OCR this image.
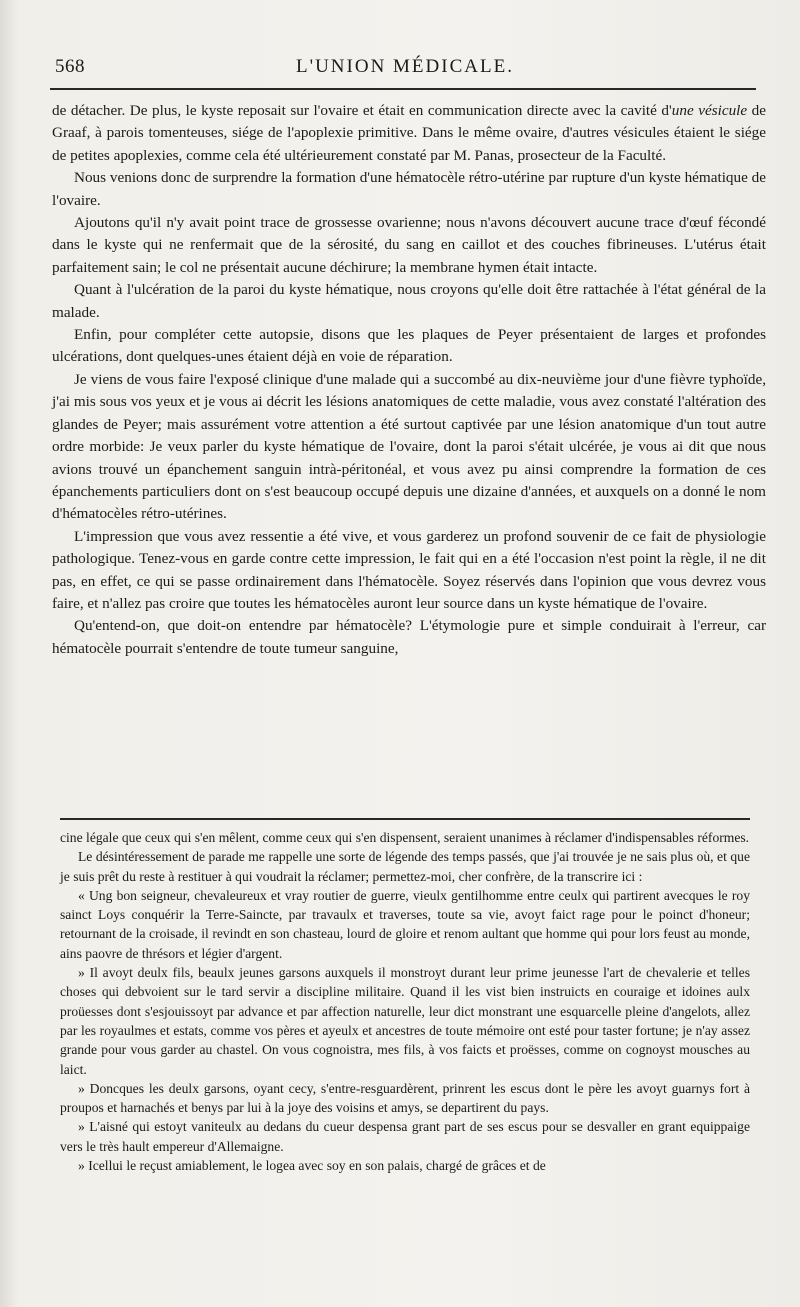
568	L'UNION MÉDICALE.

de détacher. De plus, le kyste reposait sur l'ovaire et était en communication directe avec la cavité d'une vésicule de Graaf, à parois tomenteuses, siége de l'apoplexie primitive. Dans le même ovaire, d'autres vésicules étaient le siége de petites apoplexies, comme cela été ultérieurement constaté par M. Panas, prosecteur de la Faculté.

Nous venions donc de surprendre la formation d'une hématocèle rétro-utérine par rupture d'un kyste hématique de l'ovaire.

Ajoutons qu'il n'y avait point trace de grossesse ovarienne; nous n'avons découvert aucune trace d'œuf fécondé dans le kyste qui ne renfermait que de la sérosité, du sang en caillot et des couches fibrineuses. L'utérus était parfaitement sain; le col ne présentait aucune déchirure; la membrane hymen était intacte.

Quant à l'ulcération de la paroi du kyste hématique, nous croyons qu'elle doit être rattachée à l'état général de la malade.

Enfin, pour compléter cette autopsie, disons que les plaques de Peyer présentaient de larges et profondes ulcérations, dont quelques-unes étaient déjà en voie de réparation.

Je viens de vous faire l'exposé clinique d'une malade qui a succombé au dix-neuvième jour d'une fièvre typhoïde, j'ai mis sous vos yeux et je vous ai décrit les lésions anatomiques de cette maladie, vous avez constaté l'altération des glandes de Peyer; mais assurément votre attention a été surtout captivée par une lésion anatomique d'un tout autre ordre morbide: Je veux parler du kyste hématique de l'ovaire, dont la paroi s'était ulcérée, je vous ai dit que nous avions trouvé un épanchement sanguin intrà-péritonéal, et vous avez pu ainsi comprendre la formation de ces épanchements particuliers dont on s'est beaucoup occupé depuis une dizaine d'années, et auxquels on a donné le nom d'hématocèles rétro-utérines.

L'impression que vous avez ressentie a été vive, et vous garderez un profond souvenir de ce fait de physiologie pathologique. Tenez-vous en garde contre cette impression, le fait qui en a été l'occasion n'est point la règle, il ne dit pas, en effet, ce qui se passe ordinairement dans l'hématocèle. Soyez réservés dans l'opinion que vous devrez vous faire, et n'allez pas croire que toutes les hématocèles auront leur source dans un kyste hématique de l'ovaire.

Qu'entend-on, que doit-on entendre par hématocèle? L'étymologie pure et simple conduirait à l'erreur, car hématocèle pourrait s'entendre de toute tumeur sanguine,

cine légale que ceux qui s'en mêlent, comme ceux qui s'en dispensent, seraient unanimes à réclamer d'indispensables réformes.

Le désintéressement de parade me rappelle une sorte de légende des temps passés, que j'ai trouvée je ne sais plus où, et que je suis prêt du reste à restituer à qui voudrait la réclamer; permettez-moi, cher confrère, de la transcrire ici :

« Ung bon seigneur, chevaleureux et vray routier de guerre, vieulx gentilhomme entre ceulx qui partirent avecques le roy sainct Loys conquérir la Terre-Saincte, par travaulx et traverses, toute sa vie, avoyt faict rage pour le poinct d'honeur; retournant de la croisade, il revindt en son chasteau, lourd de gloire et renom aultant que homme qui pour lors feust au monde, ains paovre de thrésors et légier d'argent.

» Il avoyt deulx fils, beaulx jeunes garsons auxquels il monstroyt durant leur prime jeunesse l'art de chevalerie et telles choses qui debvoient sur le tard servir a discipline militaire. Quand il les vist bien instruicts en couraige et idoines aulx proüesses dont s'esjouissoyt par advance et par affection naturelle, leur dict monstrant une esquarcelle pleine d'angelots, allez par les royaulmes et estats, comme vos pères et ayeulx et ancestres de toute mémoire ont esté pour taster fortune; je n'ay assez grande pour vous garder au chastel. On vous cognoistra, mes fils, à vos faicts et proësses, comme on cognoyst mousches au laict.

» Doncques les deulx garsons, oyant cecy, s'entre-resguardèrent, prinrent les escus dont le père les avoyt guarnys fort à proupos et harnachés et benys par lui à la joye des voisins et amys, se departirent du pays.

» L'aisné qui estoyt vaniteulx au dedans du cueur despensa grant part de ses escus pour se desvaller en grant equippaige vers le très hault empereur d'Allemaigne.

» Icellui le reçust amiablement, le logea avec soy en son palais, chargé de grâces et de
